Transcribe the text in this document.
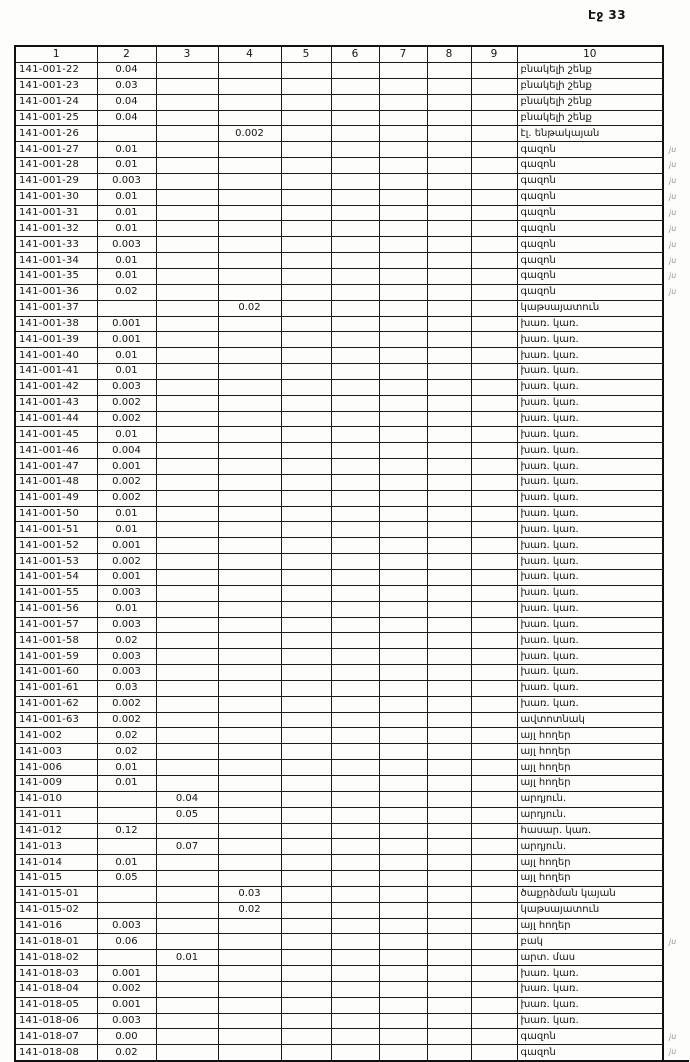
Էջ 33
1	2	3	4	5	6	7	8	9	10	
141-001-22	0.04								բնակելի շենք	
141-001-23	0.03								բնակելի շենք	
141-001-24	0.04								բնակելի շենք	
141-001-25	0.04								բնակելի շենք	
141-001-26			0.002						էլ. ենթակայան	
141-001-27	0.01								գազոն	ju
141-001-28	0.01								գազոն	ju
141-001-29	0.003								գազոն	ju
141-001-30	0.01								գազոն	ju
141-001-31	0.01								գազոն	ju
141-001-32	0.01								գազոն	ju
141-001-33	0.003								գազոն	ju
141-001-34	0.01								գազոն	ju
141-001-35	0.01								գազոն	ju
141-001-36	0.02								գազոն	ju
141-001-37			0.02						կաթսայատուն	
141-001-38	0.001								խառ. կառ.	
141-001-39	0.001								խառ. կառ.	
141-001-40	0.01								խառ. կառ.	
141-001-41	0.01								խառ. կառ.	
141-001-42	0.003								խառ. կառ.	
141-001-43	0.002								խառ. կառ.	
141-001-44	0.002								խառ. կառ.	
141-001-45	0.01								խառ. կառ.	
141-001-46	0.004								խառ. կառ.	
141-001-47	0.001								խառ. կառ.	
141-001-48	0.002								խառ. կառ.	
141-001-49	0.002								խառ. կառ.	
141-001-50	0.01								խառ. կառ.	
141-001-51	0.01								խառ. կառ.	
141-001-52	0.001								խառ. կառ.	
141-001-53	0.002								խառ. կառ.	
141-001-54	0.001								խառ. կառ.	
141-001-55	0.003								խառ. կառ.	
141-001-56	0.01								խառ. կառ.	
141-001-57	0.003								խառ. կառ.	
141-001-58	0.02								խառ. կառ.	
141-001-59	0.003								խառ. կառ.	
141-001-60	0.003								խառ. կառ.	
141-001-61	0.03								խառ. կառ.	
141-001-62	0.002								խառ. կառ.	
141-001-63	0.002								ավտոտնակ	
141-002	0.02								այլ հողեր	
141-003	0.02								այլ հողեր	
141-006	0.01								այլ հողեր	
141-009	0.01								այլ հողեր	
141-010		0.04							արդյուն.	
141-011		0.05							արդյուն.	
141-012	0.12								հասար. կառ.	
141-013		0.07							արդյուն.	
141-014	0.01								այլ հողեր	
141-015	0.05								այլ հողեր	
141-015-01			0.03						ծաքրձման կայան	
141-015-02			0.02						կաթսայատուն	
141-016	0.003								այլ հողեր	
141-018-01	0.06								բակ	ju
141-018-02		0.01							արտ. մաս	
141-018-03	0.001								խառ. կառ.	
141-018-04	0.002								խառ. կառ.	
141-018-05	0.001								խառ. կառ.	
141-018-06	0.003								խառ. կառ.	
141-018-07	0.00								գազոն	ju
141-018-08	0.02								գազոն	ju
